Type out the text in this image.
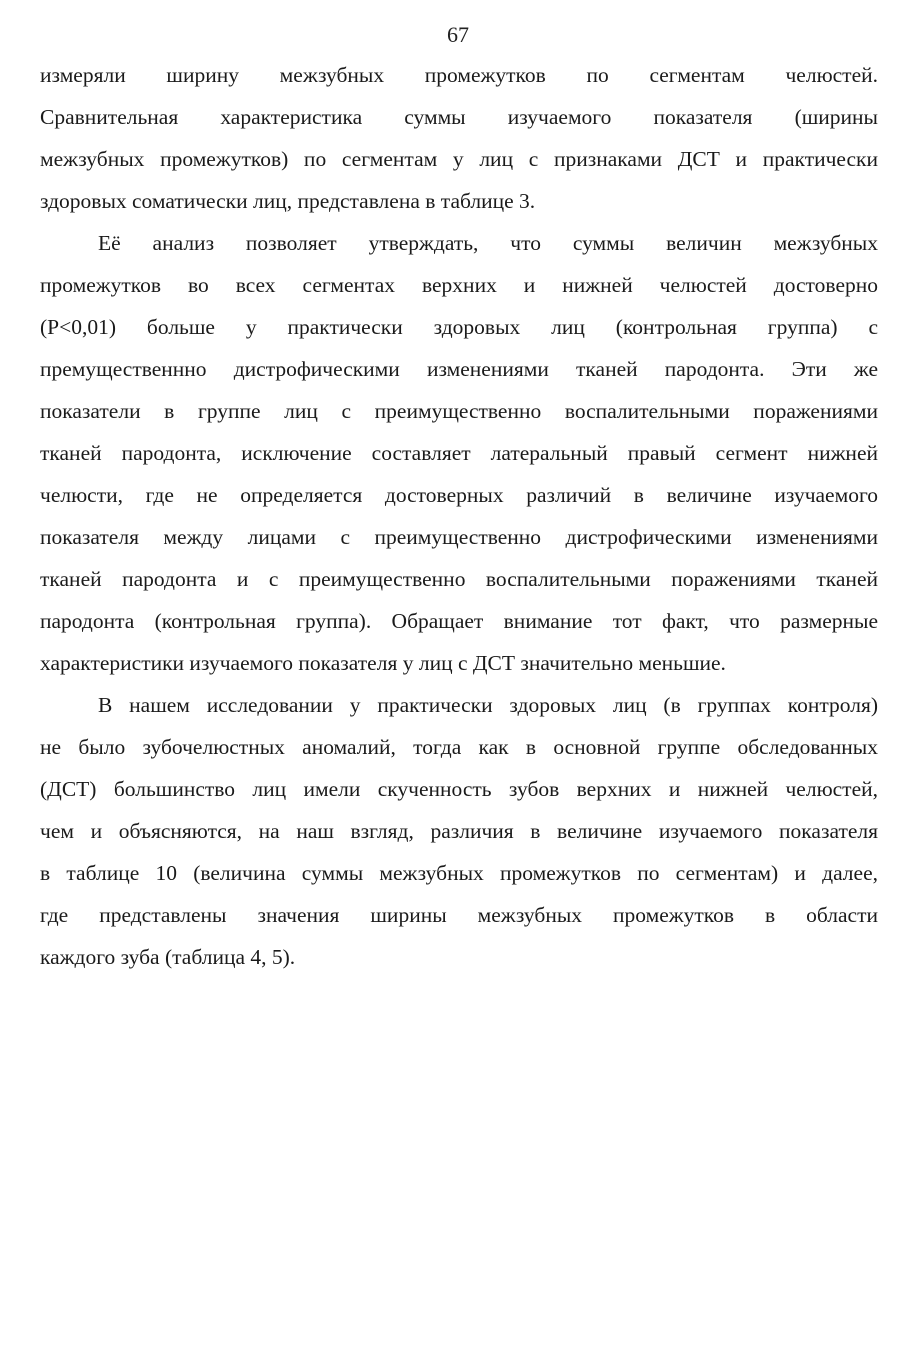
67
измеряли ширину межзубных промежутков по сегментам челюстей.
Сравнительная характеристика суммы изучаемого показателя (ширины
межзубных промежутков) по сегментам у лиц с признаками ДСТ и практически
здоровых соматически лиц, представлена в таблице 3.
Её анализ позволяет утверждать, что суммы величин межзубных
промежутков во всех сегментах верхних и нижней челюстей достоверно
(Р<0,01) больше у практически здоровых лиц (контрольная группа) с
премущественнно дистрофическими изменениями тканей пародонта. Эти же
показатели в группе лиц с преимущественно воспалительными поражениями
тканей пародонта, исключение составляет латеральный правый сегмент нижней
челюсти, где не определяется достоверных различий в величине изучаемого
показателя между лицами с преимущественно дистрофическими изменениями
тканей пародонта и с преимущественно воспалительными поражениями тканей
пародонта (контрольная группа). Обращает внимание тот факт, что размерные
характеристики изучаемого показателя у лиц с ДСТ значительно меньшие.
В нашем исследовании у практически здоровых лиц (в группах контроля)
не было зубочелюстных аномалий, тогда как в основной группе обследованных
(ДСТ) большинство лиц имели скученность зубов верхних и нижней челюстей,
чем и объясняются, на наш взгляд, различия в величине изучаемого показателя
в таблице 10 (величина суммы межзубных промежутков по сегментам) и далее,
где представлены значения ширины межзубных промежутков в области
каждого зуба (таблица 4, 5).
